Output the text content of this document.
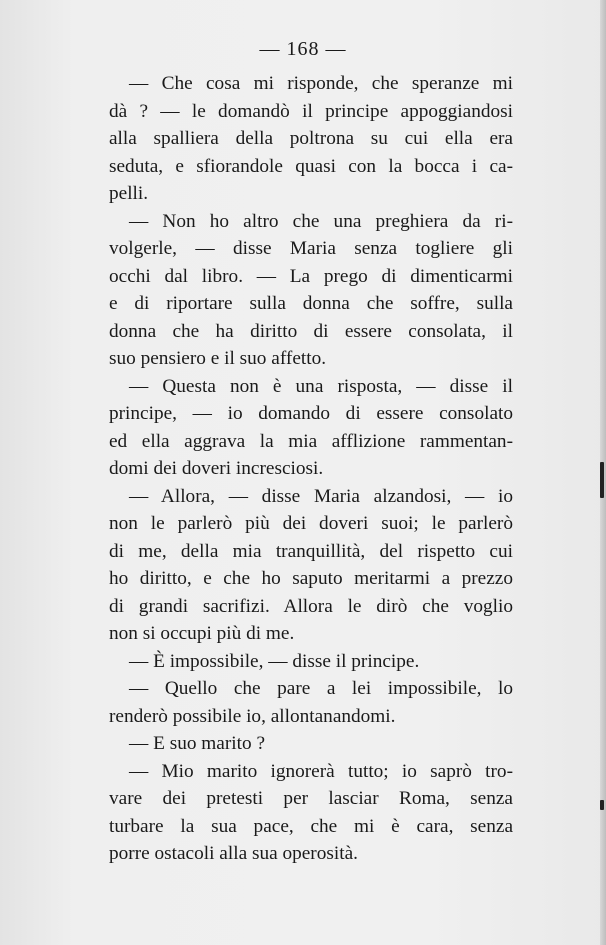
— 168 —
— Che cosa mi risponde, che speranze mi
dà ? — le domandò il principe appoggiandosi
alla spalliera della poltrona su cui ella era
seduta, e sfiorandole quasi con la bocca i ca-
pelli.
— Non ho altro che una preghiera da ri-
volgerle, — disse Maria senza togliere gli
occhi dal libro. — La prego di dimenticarmi
e di riportare sulla donna che soffre, sulla
donna che ha diritto di essere consolata, il
suo pensiero e il suo affetto.
— Questa non è una risposta, — disse il
principe, — io domando di essere consolato
ed ella aggrava la mia afflizione rammentan-
domi dei doveri incresciosi.
— Allora, — disse Maria alzandosi, — io
non le parlerò più dei doveri suoi; le parlerò
di me, della mia tranquillità, del rispetto cui
ho diritto, e che ho saputo meritarmi a prezzo
di grandi sacrifizi. Allora le dirò che voglio
non si occupi più di me.
— È impossibile, — disse il principe.
— Quello che pare a lei impossibile, lo
renderò possibile io, allontanandomi.
— E suo marito ?
— Mio marito ignorerà tutto; io saprò tro-
vare dei pretesti per lasciar Roma, senza
turbare la sua pace, che mi è cara, senza
porre ostacoli alla sua operosità.
